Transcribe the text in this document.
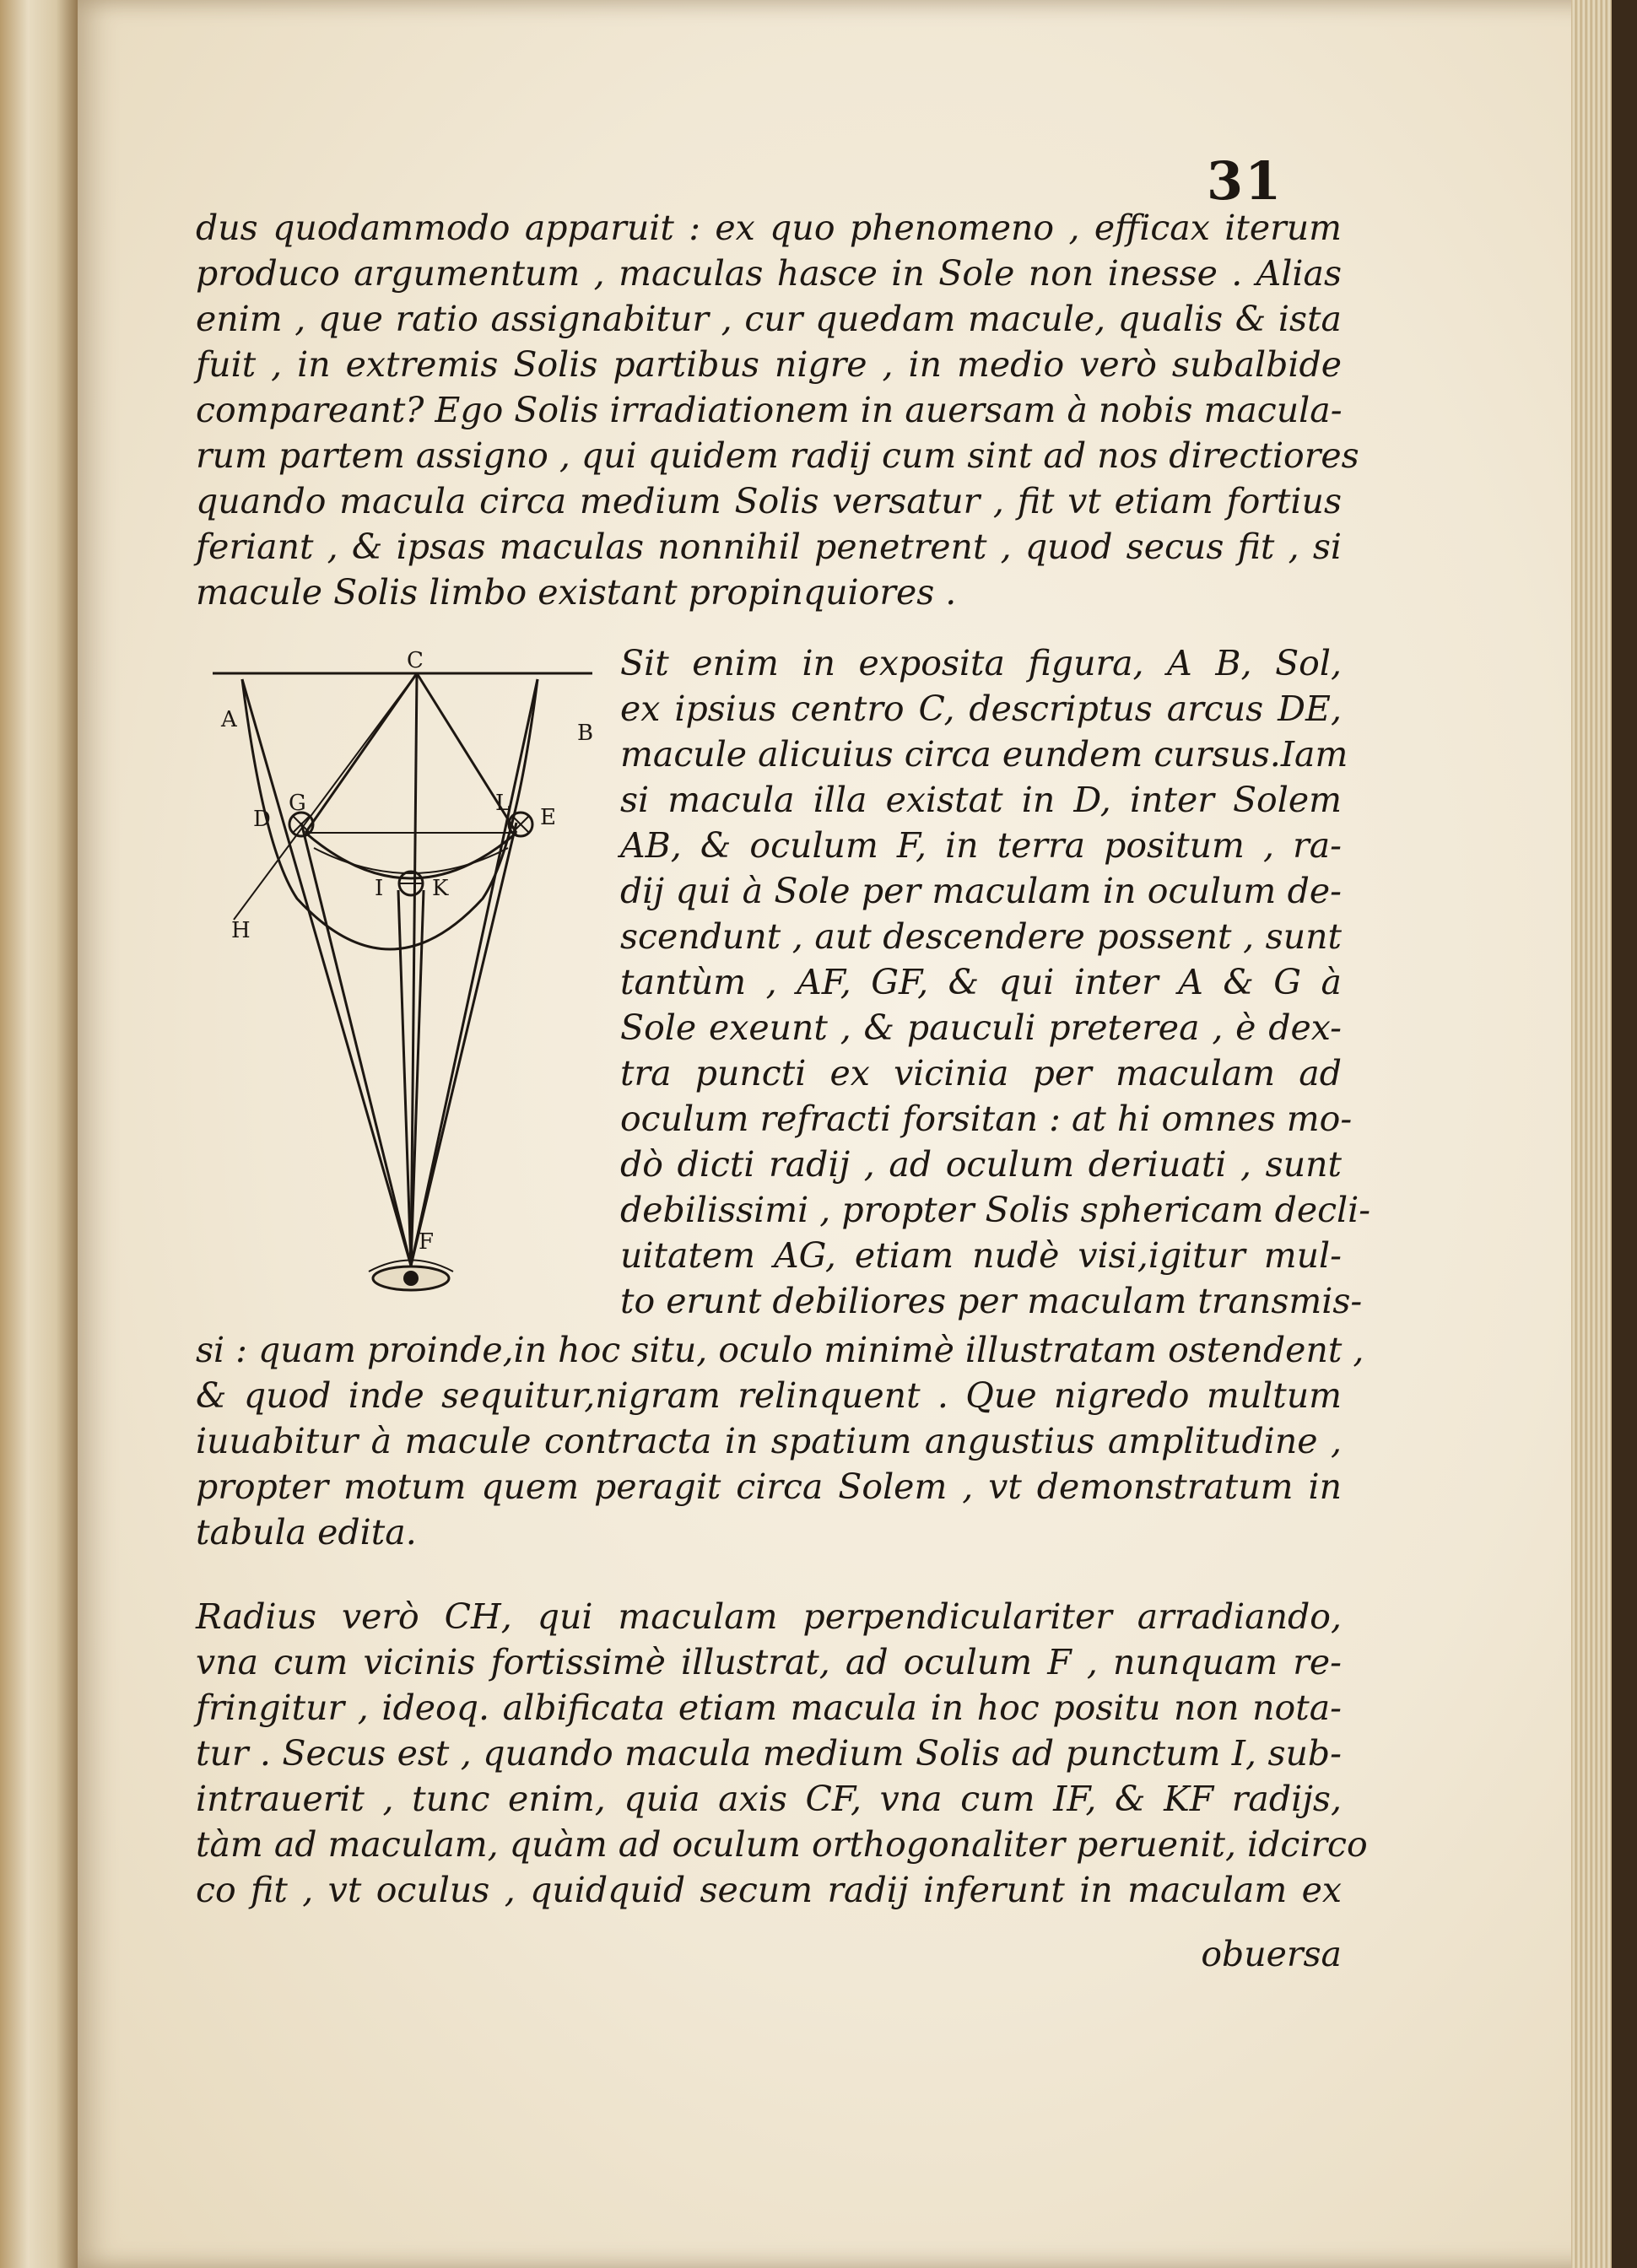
31
dus quodammodo apparuit : ex quo phenomeno , efficax iterum
produco argumentum , maculas hasce in Sole non inesse . Alias
enim , que ratio assignabitur , cur quedam macule, qualis & ista
fuit , in extremis Solis partibus nigre , in medio verò subalbide
compareant? Ego Solis irradiationem in auersam à nobis macula-
rum partem assigno , qui quidem radij cum sint ad nos directiores
quando macula circa medium Solis versatur , fit vt etiam fortius
feriant , & ipsas maculas nonnihil penetrent , quod secus fit , si
macule Solis limbo existant propinquiores .
C
A
B
G	L
D	E
I K
H
F
Sit enim in exposita figura, A B, Sol,
ex ipsius centro C, descriptus arcus DE,
macule alicuius circa eundem cursus.Iam
si macula illa existat in D, inter Solem
AB, & oculum F, in terra positum , ra-
dij qui à Sole per maculam in oculum de-
scendunt , aut descendere possent , sunt
tantùm , AF, GF, & qui inter A & G à
Sole exeunt , & pauculi preterea , è dex-
tra puncti ex vicinia per maculam ad
oculum refracti forsitan : at hi omnes mo-
dò dicti radij , ad oculum deriuati , sunt
debilissimi , propter Solis sphericam decli-
uitatem AG, etiam nudè visi,igitur mul-
to erunt debiliores per maculam transmis-
si : quam proinde,in hoc situ, oculo minimè illustratam ostendent ,
& quod inde sequitur,nigram relinquent . Que nigredo multum
iuuabitur à macule contracta in spatium angustius amplitudine ,
propter motum quem peragit circa Solem , vt demonstratum in
tabula edita.
Radius verò CH, qui maculam perpendiculariter arradiando,
vna cum vicinis fortissimè illustrat, ad oculum F , nunquam re-
fringitur , ideoq. albificata etiam macula in hoc positu non nota-
tur . Secus est , quando macula medium Solis ad punctum I, sub-
intrauerit , tunc enim, quia axis CF, vna cum IF, & KF radijs,
tàm ad maculam, quàm ad oculum orthogonaliter peruenit, idcirco
co fit , vt oculus , quidquid secum radij inferunt in maculam ex
obuersa
